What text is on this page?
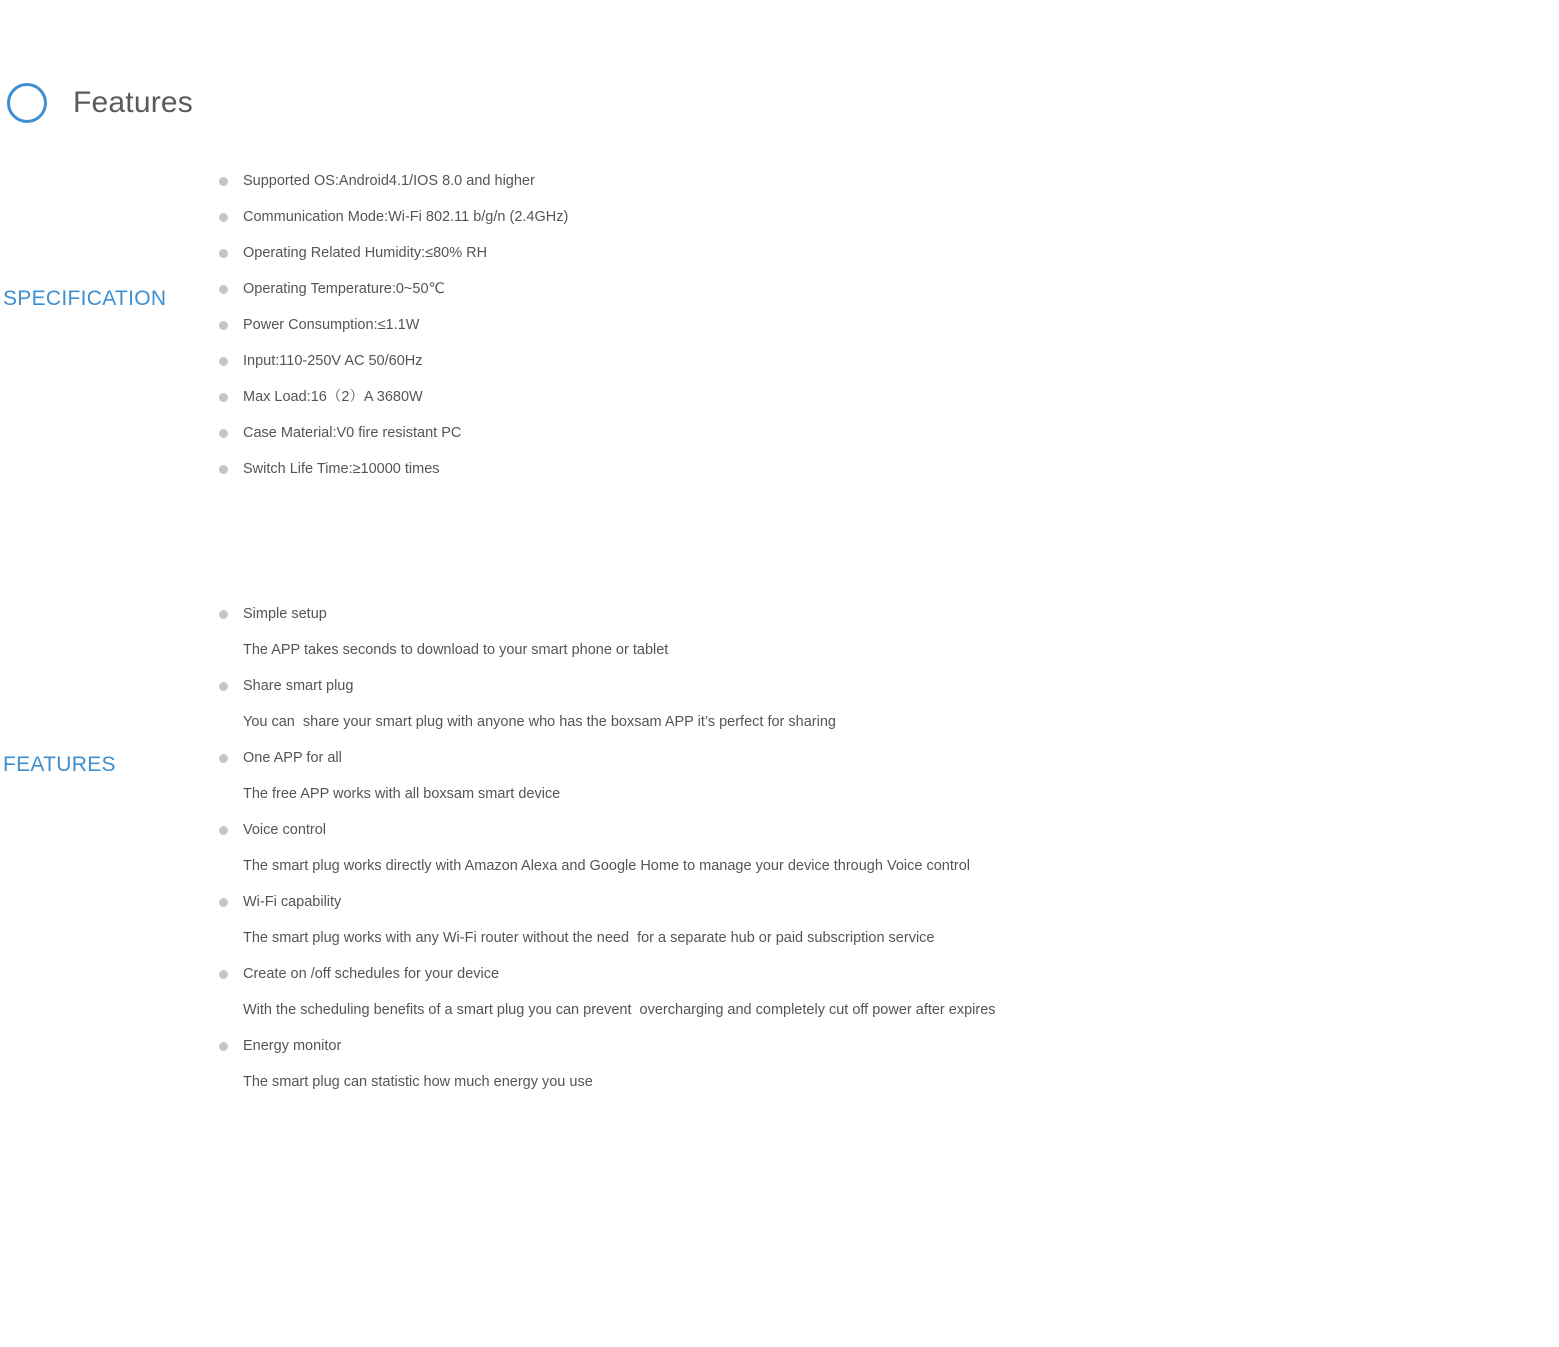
Features
SPECIFICATION
Supported OS:Android4.1/IOS 8.0 and higher
Communication Mode:Wi-Fi 802.11 b/g/n (2.4GHz)
Operating Related Humidity:≤80% RH
Operating Temperature:0~50℃
Power Consumption:≤1.1W
Input:110-250V AC 50/60Hz
Max Load:16（2）A 3680W
Case Material:V0 fire resistant PC
Switch Life Time:≥10000 times
FEATURES
Simple setup
The APP takes seconds to download to your smart phone or tablet
Share smart plug
You can  share your smart plug with anyone who has the boxsam APP it’s perfect for sharing
One APP for all
The free APP works with all boxsam smart device
Voice control
The smart plug works directly with Amazon Alexa and Google Home to manage your device through Voice control
Wi-Fi capability
The smart plug works with any Wi-Fi router without the need  for a separate hub or paid subscription service
Create on /off schedules for your device
With the scheduling benefits of a smart plug you can prevent  overcharging and completely cut off power after expires
Energy monitor
The smart plug can statistic how much energy you use
